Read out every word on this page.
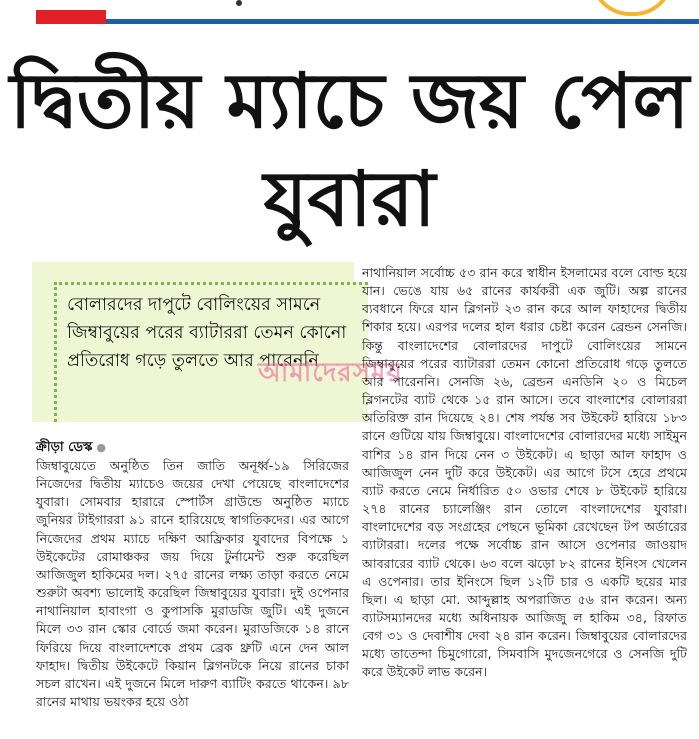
দ্বিতীয় ম্যাচে জয় পেল যুবারা
বোলারদের দাপুটে বোলিংয়ের সামনে জিম্বাবুয়ের পরের ব্যাটাররা তেমন কোনো প্রতিরোধ গড়ে তুলতে আর পারেননি
আমাদেরসময়
ক্রীড়া ডেস্ক ●

জিম্বাবুয়েতে অনুষ্ঠিত তিন জাতি অনূর্ধ্ব-১৯ সিরিজের নিজেদের দ্বিতীয় ম্যাচেও জয়ের দেখা পেয়েছে বাংলাদেশের যুবারা। সোমবার হারারে স্পোর্টস গ্রাউন্ডে অনুষ্ঠিত ম্যাচে জুনিয়র টাইগাররা ৯১ রানে হারিয়েছে স্বাগতিকদের। এর আগে নিজেদের প্রথম ম্যাচে দক্ষিণ আফ্রিকার যুবাদের বিপক্ষে ১ উইকেটের রোমাঞ্চকর জয় দিয়ে টুর্নামেন্ট শুরু করেছিল আজিজুল হাকিমের দল। ২৭৫ রানের লক্ষ্য তাড়া করতে নেমে শুরুটা অবশ্য ভালোই করেছিল জিম্বাবুয়ের যুবারা। দুই ওপেনার নাথানিয়াল হাবাংগা ও কুপাসকি মুরাডজি জুটি। এই দুজনে মিলে ৩৩ রান স্কোর বোর্ডে জমা করেন। মুরাডজিকে ১৪ রানে ফিরিয়ে দিয়ে বাংলাদেশকে প্রথম ব্রেক থ্রুটি এনে দেন আল ফাহাদ। দ্বিতীয় উইকেটে কিয়ান ব্লিগনটকে নিয়ে রানের চাকা সচল রাখেন। এই দুজনে মিলে দারুণ ব্যাটিং করতে থাকেন। ৯৮ রানের মাথায় ভয়ংকর হয়ে ওঠা

নাথানিয়াল সর্বোচ্চ ৫৩ রান করে স্বাধীন ইসলামের বলে বোল্ড হয়ে যান। ভেঙে যায় ৬৫ রানের কার্যকরী এক জুটি। অল্প রানের ব্যবধানে ফিরে যান ব্লিগনট ২৩ রান করে আল ফাহাদের দ্বিতীয় শিকার হয়ে। এরপর দলের হাল ধরার চেষ্টা করেন ব্রেন্ডন সেনজি। কিন্তু বাংলাদেশের বোলারদের দাপুটে বোলিংয়ের সামনে জিম্বাবুয়ের পরের ব্যাটাররা তেমন কোনো প্রতিরোধ গড়ে তুলতে আর পারেননি। সেনজি ২৬, ব্রেন্ডন এনডিনি ২০ ও মিচেল ব্লিগনটের ব্যাট থেকে ১৫ রান আসে। তবে বাংলাশের বোলাররা অতিরিক্ত রান দিয়েছে ২৪। শেষ পর্যন্ত সব উইকেট হারিয়ে ১৮৩ রানে গুটিয়ে যায় জিম্বাবুয়ে। বাংলাদেশের বোলারদের মধ্যে সাইমুন বাশির ১৪ রান দিয়ে নেন ৩ উইকেট। এ ছাড়া আল ফাহাদ ও আজিজুল নেন দুটি করে উইকেট। এর আগে টসে হেরে প্রথমে ব্যাট করতে নেমে নির্ধারিত ৫০ ওভার শেষে ৮ উইকেট হারিয়ে ২৭৪ রানের চ্যালেঞ্জিং রান তোলে বাংলাদেশের যুবারা। বাংলাদেশের বড় সংগ্রহের পেছনে ভূমিকা রেখেছেন টপ অর্ডারের ব্যাটাররা। দলের পক্ষে সর্বোচ্চ রান আসে ওপেনার জাওয়াদ আবরারের ব্যাট থেকে। ৬৩ বলে ঝড়ো ৮২ রানের ইনিংস খেলেন এ ওপেনার। তার ইনিংসে ছিল ১২টি চার ও একটি ছয়ের মার ছিল। এ ছাড়া মো. আব্দুল্লাহ অপরাজিত ৫৬ রান করেন। অন্য ব্যাটসম্যানদের মধ্যে অধিনায়ক আজিজু ল হাকিম ৩৪, রিফাত বেগ ৩১ ও দেবাশীষ দেবা ২৪ রান করেন। জিম্বাবুয়ের বোলারদের মধ্যে তাতেন্দা চিমুগোরো, সিমবাসি মুদজেনগেরে ও সেনজি দুটি করে উইকেট লাভ করেন।
